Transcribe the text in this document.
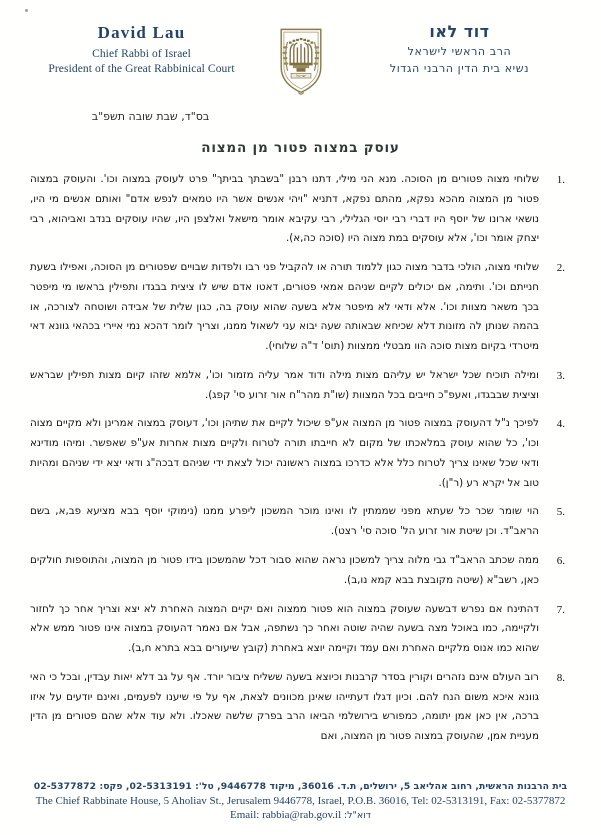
David Lau
Chief Rabbi of Israel
President of the Great Rabbinical Court
ישראל
דוד לאו
הרב הראשי לישראל
נשיא בית הדין הרבני הגדול
בס"ד, שבת שובה תשפ"ב
עוסק במצוה פטור מן המצוה
שלוחי מצוה פטורים מן הסוכה. מנא הני מילי, דתנו רבנן "בשבתך בביתך" פרט לעוסק במצוה וכו'. והעוסק במצוה פטור מן המצוה מהכא נפקא, מהתם נפקא, דתניא "ויהי אנשים אשר היו טמאים לנפש אדם" ואותם אנשים מי היו, נושאי ארונו של יוסף היו דברי רבי יוסי הגלילי, רבי עקיבא אומר מישאל ואלצפן היו, שהיו עוסקים בנדב ואביהוא, רבי יצחק אומר וכו', אלא עוסקים במת מצוה היו (סוכה כה,א).
שלוחי מצוה, הולכי בדבר מצוה כגון ללמוד תורה או להקביל פני רבו ולפדות שבויים שפטורים מן הסוכה, ואפילו בשעת חנייתם וכו'. ותימה, אם יכולים לקיים שניהם אמאי פטורים, דאטו אדם שיש לו ציצית בבגדו ותפילין בראשו מי מיפטר בכך משאר מצוות וכו'. אלא ודאי לא מיפטר אלא בשעה שהוא עוסק בה, כגון שלית של אבידה ושוטחה לצורכה, או בהמה שנותן לה מזונות דלא שכיחא שבאותה שעה יבוא עני לשאול ממנו, וצריך לומר דהכא נמי איירי בכהאי גוונא דאי מיטרדי בקיום מצות סוכה הוו מבטלי ממצוות (תוס' ד"ה שלוחי).
ומילה תוכיח שכל ישראל יש עליהם מצות מילה ודוד אמר עליה מזמור וכו', אלמא שזהו קיום מצות תפילין שבראש וציצית שבבגדו, ואעפ"כ חייבים בכל המצוות (שו"ת מהר"ח אור זרוע סי' קפג).
לפיכך נ"ל דהעוסק במצוה פטור מן המצוה אע"פ שיכול לקיים את שתיהן וכו', דעוסק במצוה אמרינן ולא מקיים מצוה וכו', כל שהוא עוסק במלאכתו של מקום לא חייבתו תורה לטרוח ולקיים מצות אחרות אע"פ שאפשר. ומיהו מודינא ודאי שכל שאינו צריך לטרוח כלל אלא כדרכו במצוה ראשונה יכול לצאת ידי שניהם דבכה"ג ודאי יצא ידי שניהם ומהיות טוב אל יקרא רע (ר"ן).
הוי שומר שכר כל שעתא מפני שממתין לו ואינו מוכר המשכון ליפרע ממנו (נימוקי יוסף בבא מציעא פב,א, בשם הראב"ד. וכן שיטת אור זרוע הל' סוכה סי' רצט).
ממה שכתב הראב"ד גבי מלוה צריך למשכון נראה שהוא סבור דכל שהמשכון בידו פטור מן המצוה, והתוספות חולקים כאן, רשב"א (שיטה מקובצת בבא קמא נו,ב).
דהתינח אם נפרש דבשעה שעוסק במצוה הוא פטור ממצוה ואם יקיים המצוה האחרת לא יצא וצריך אחר כך לחזור ולקיימה, כמו באוכל מצה בשעה שהיה שוטה ואחר כך נשתפה, אבל אם נאמר דהעוסק במצוה אינו פטור ממש אלא שהוא כמו אנוס מלקיים האחרת ואם עמד וקיימה יוצא באחרת (קובץ שיעורים בבא בתרא ח,ב).
רוב העולם אינם נזהרים וקורין בסדר קרבנות וכיוצא בשעה ששליח ציבור יורד. אף על גב דלא יאות עבדין, ובכל כי האי גוונא איכא משום הנח להם. וכיון דגלו דעתייהו שאינן מכוונים לצאת, אף על פי שיענו לפעמים, ואינם יודעים על איזו ברכה, אין כאן אמן יתומה, כמפורש בירושלמי הביאו הרב בפרק שלשה שאכלו. ולא עוד אלא שהם פטורים מן הדין מעניית אמן, שהעוסק במצוה פטור מן המצוה, ואם
בית הרבנות הראשית, רחוב אהליאב 5, ירושלים, ת.ד. 36016, מיקוד 9446778, טל': 02-5313191, פקס: 02-5377872
The Chief Rabbinate House, 5 Aholiav St., Jerusalem 9446778, Israel, P.O.B. 36016, Tel: 02-5313191, Fax: 02-5377872
Email: rabbia@rab.gov.il דוא"ל:
